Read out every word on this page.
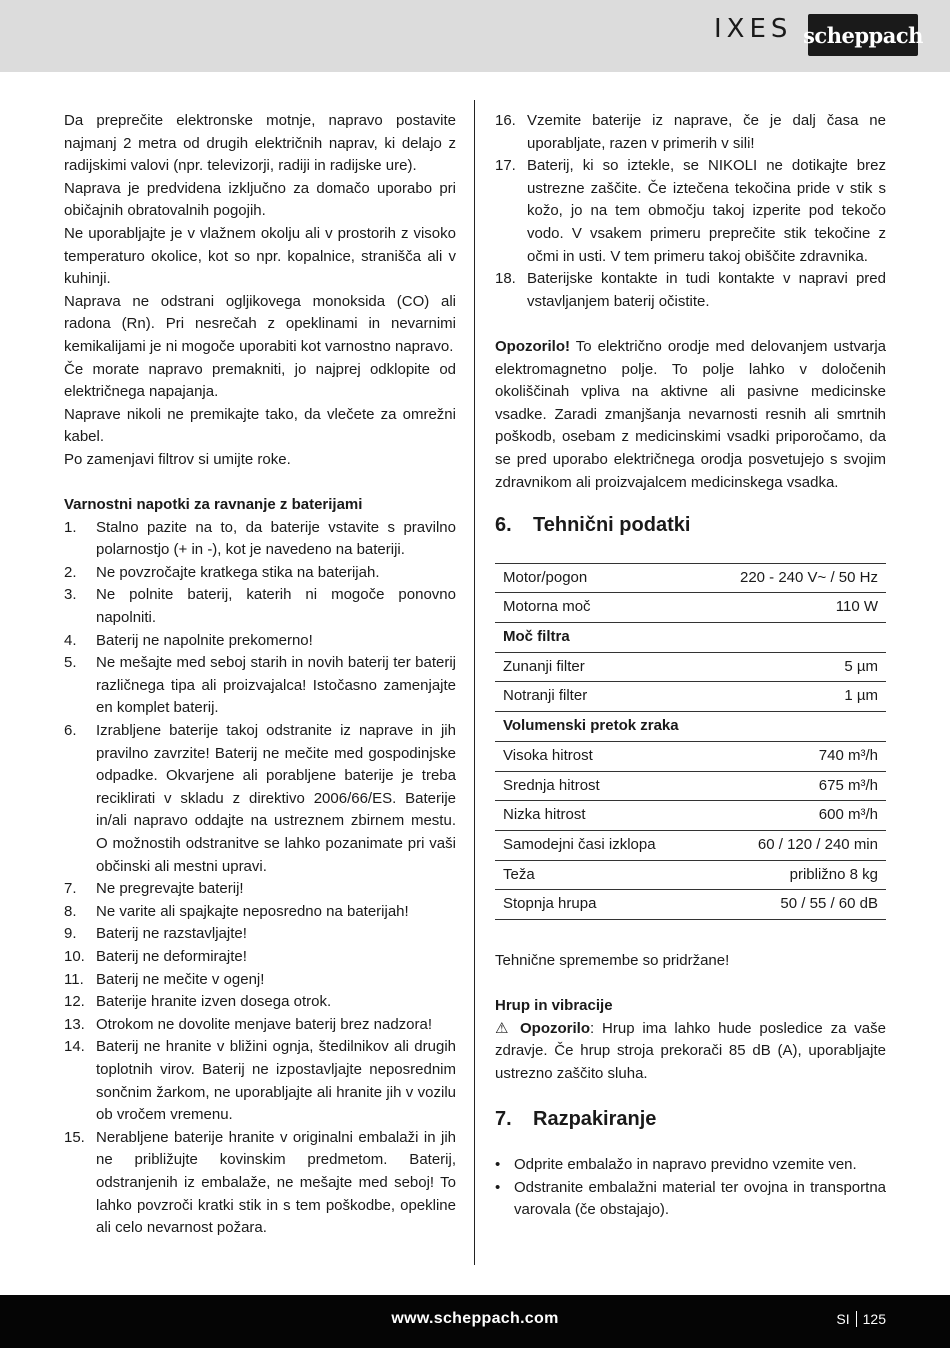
IXES scheppach
Da preprečite elektronske motnje, napravo postavite najmanj 2 metra od drugih električnih naprav, ki delajo z radijskimi valovi (npr. televizorji, radiji in radijske ure).
Naprava je predvidena izključno za domačo uporabo pri običajnih obratovalnih pogojih.
Ne uporabljajte je v vlažnem okolju ali v prostorih z visoko temperaturo okolice, kot so npr. kopalnice, stranišča ali v kuhinji.
Naprava ne odstrani ogljikovega monoksida (CO) ali radona (Rn). Pri nesrečah z opeklinami in nevarnimi kemikalijami je ni mogoče uporabiti kot varnostno napravo.
Če morate napravo premakniti, jo najprej odklopite od električnega napajanja.
Naprave nikoli ne premikajte tako, da vlečete za omrežni kabel.
Po zamenjavi filtrov si umijte roke.
Varnostni napotki za ravnanje z baterijami
1.	Stalno pazite na to, da baterije vstavite s pravilno polarnostjo (+ in -), kot je navedeno na bateriji.
2.	Ne povzročajte kratkega stika na baterijah.
3.	Ne polnite baterij, katerih ni mogoče ponovno napolniti.
4.	Baterij ne napolnite prekomerno!
5.	Ne mešajte med seboj starih in novih baterij ter baterij različnega tipa ali proizvajalca! Istočasno zamenjajte en komplet baterij.
6.	Izrabljene baterije takoj odstranite iz naprave in jih pravilno zavrzite! Baterij ne mečite med gospodinjske odpadke. Okvarjene ali porabljene baterije je treba reciklirati v skladu z direktivo 2006/66/ES. Baterije in/ali napravo oddajte na ustreznem zbirnem mestu. O možnostih odstranitve se lahko pozanimate pri vaši občinski ali mestni upravi.
7.	Ne pregrevajte baterij!
8.	Ne varite ali spajkajte neposredno na baterijah!
9.	Baterij ne razstavljajte!
10. Baterij ne deformirajte!
11. Baterij ne mečite v ogenj!
12. Baterije hranite izven dosega otrok.
13. Otrokom ne dovolite menjave baterij brez nadzora!
14. Baterij ne hranite v bližini ognja, štedilnikov ali drugih toplotnih virov. Baterij ne izpostavljajte neposrednim sončnim žarkom, ne uporabljajte ali hranite jih v vozilu ob vročem vremenu.
15. Nerabljene baterije hranite v originalni embalaži in jih ne približujte kovinskim predmetom. Baterij, odstranjenih iz embalaže, ne mešajte med seboj! To lahko povzroči kratki stik in s tem poškodbe, opekline ali celo nevarnost požara.
16. Vzemite baterije iz naprave, če je dalj časa ne uporabljate, razen v primerih v sili!
17. Baterij, ki so iztekle, se NIKOLI ne dotikajte brez ustrezne zaščite. Če iztečena tekočina pride v stik s kožo, jo na tem območju takoj izperite pod tekočo vodo. V vsakem primeru preprečite stik tekočine z očmi in usti. V tem primeru takoj obiščite zdravnika.
18. Baterijske kontakte in tudi kontakte v napravi pred vstavljanjem baterij očistite.
Opozorilo! To električno orodje med delovanjem ustvarja elektromagnetno polje. To polje lahko v določenih okoliščinah vpliva na aktivne ali pasivne medicinske vsadke. Zaradi zmanjšanja nevarnosti resnih ali smrtnih poškodb, osebam z medicinskimi vsadki priporočamo, da se pred uporabo električnega orodja posvetujejo s svojim zdravnikom ali proizvajalcem medicinskega vsadka.
6.	Tehnični podatki
Motor/pogon	220 - 240 V~ / 50 Hz
Motorna moč	110 W
Moč filtra	
Zunanji filter	5 µm
Notranji filter	1 µm
Volumenski pretok zraka	
Visoka hitrost	740 m³/h
Srednja hitrost	675 m³/h
Nizka hitrost	600 m³/h
Samodejni časi izklopa	60 / 120 / 240 min
Teža	približno 8 kg
Stopnja hrupa	50 / 55 / 60 dB
Tehnične spremembe so pridržane!
Hrup in vibracije
⚠ Opozorilo: Hrup ima lahko hude posledice za vaše zdravje. Če hrup stroja prekorači 85 dB (A), uporabljajte ustrezno zaščito sluha.
7.	Razpakiranje
• Odprite embalažo in napravo previdno vzemite ven.
• Odstranite embalažni material ter ovojna in transportna varovala (če obstajajo).
www.scheppach.com	SI 125
